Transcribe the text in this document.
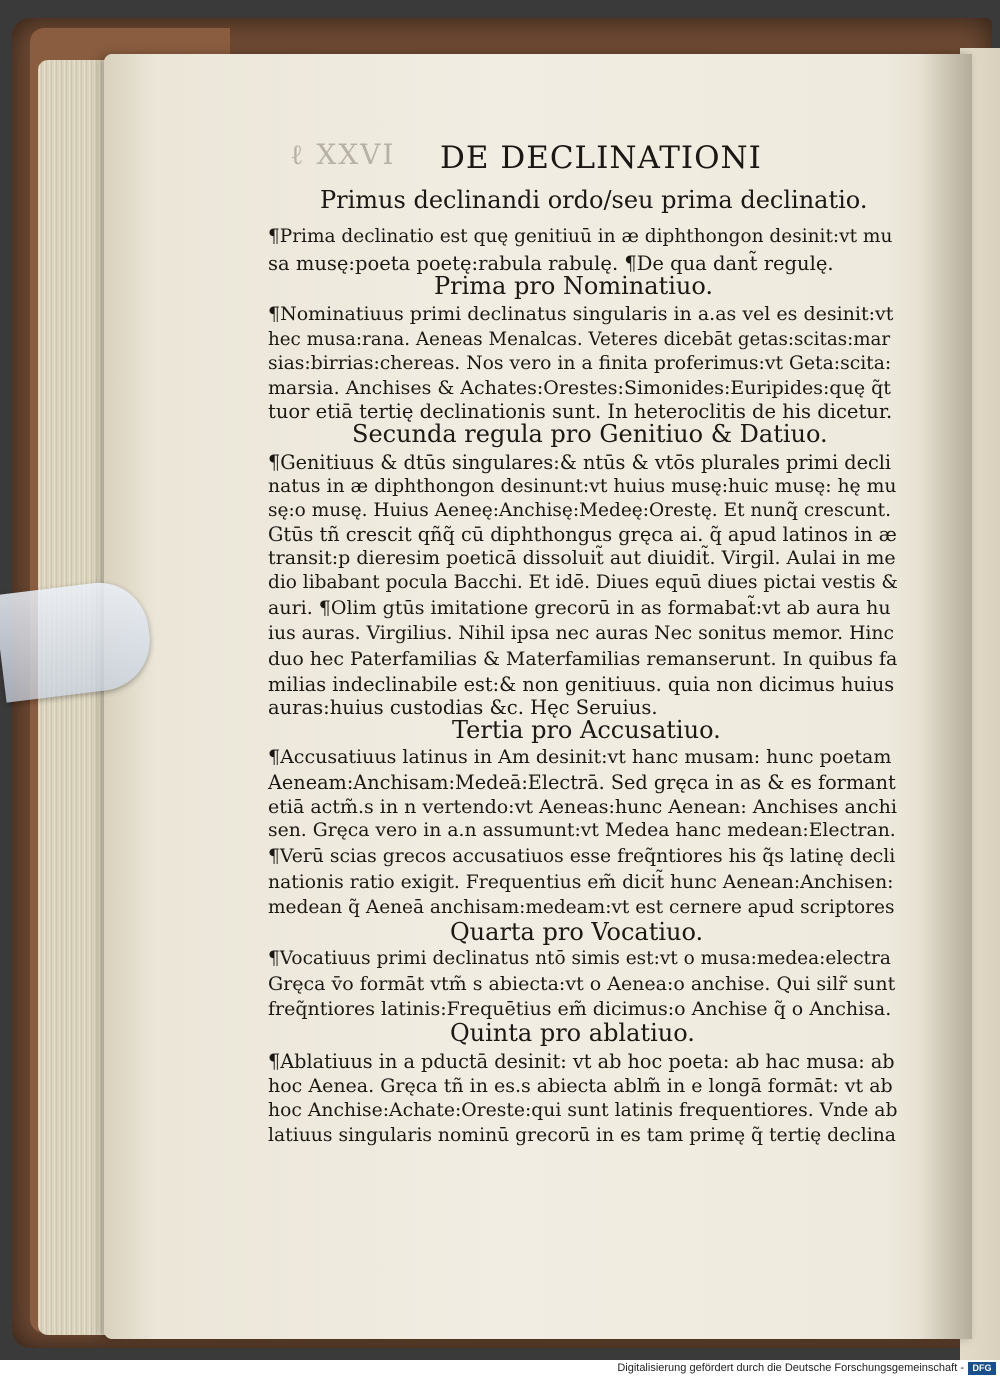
ℓ XXVI DE DECLINATIONI
Primus declinandi ordo/seu prima declinatio.
¶Prima declinatio est quę genitiuū in æ diphthongon desinit:vt mu
sa musę:poeta poetę:rabula rabulę. ¶De qua dant̃ regulę.
Prima pro Nominatiuo.
¶Nominatiuus primi declinatus singularis in a.as vel es desinit:vt
hec musa:rana. Aeneas Menalcas. Veteres dicebāt getas:scitas:mar
sias:birrias:chereas. Nos vero in a finita proferimus:vt Geta:scita:
marsia. Anchises & Achates:Orestes:Simonides:Euripides:quę q̃t
tuor etiā tertię declinationis sunt. In heteroclitis de his dicetur.
Secunda regula pro Genitiuo & Datiuo.
¶Genitiuus & dtūs singulares:& ntūs & vtōs plurales primi decli
natus in æ diphthongon desinunt:vt huius musę:huic musę: hę mu
sę:o musę. Huius Aeneę:Anchisę:Medeę:Orestę. Et nunq̃ crescunt.
Gtūs tñ crescit qñq̃ cū diphthongus gręca ai. q̃ apud latinos in æ
transit:p dieresim poeticā dissoluit̃ aut diuidit̃. Virgil. Aulai in me
dio libabant pocula Bacchi. Et idē. Diues equū diues pictai vestis &
auri. ¶Olim gtūs imitatione grecorū in as formabat̃:vt ab aura hu
ius auras. Virgilius. Nihil ipsa nec auras Nec sonitus memor. Hinc
duo hec Paterfamilias & Materfamilias remanserunt. In quibus fa
milias indeclinabile est:& non genitiuus. quia non dicimus huius
auras:huius custodias &c. Hęc Seruius.
Tertia pro Accusatiuo.
¶Accusatiuus latinus in Am desinit:vt hanc musam: hunc poetam
Aeneam:Anchisam:Medeā:Electrā. Sed gręca in as & es formant
etiā actm̃.s in n vertendo:vt Aeneas:hunc Aenean: Anchises anchi
sen. Gręca vero in a.n assumunt:vt Medea hanc medean:Electran.
¶Verū scias grecos accusatiuos esse freq̃ntiores his q̃s latinę decli
nationis ratio exigit. Frequentius em̃ dicit̃ hunc Aenean:Anchisen:
medean q̃ Aeneā anchisam:medeam:vt est cernere apud scriptores
Quarta pro Vocatiuo.
¶Vocatiuus primi declinatus ntō simis est:vt o musa:medea:electra
Gręca v̄o formāt vtm̃ s abiecta:vt o Aenea:o anchise. Qui silr̃ sunt
freq̃ntiores latinis:Frequētius em̃ dicimus:o Anchise q̃ o Anchisa.
Quinta pro ablatiuo.
¶Ablatiuus in a pductā desinit: vt ab hoc poeta: ab hac musa: ab
hoc Aenea. Gręca tñ in es.s abiecta ablm̃ in e longā formāt: vt ab
hoc Anchise:Achate:Oreste:qui sunt latinis frequentiores. Vnde ab
latiuus singularis nominū grecorū in es tam primę q̃ tertię declina
Digitalisierung gefördert durch die Deutsche Forschungsgemeinschaft - DFG
